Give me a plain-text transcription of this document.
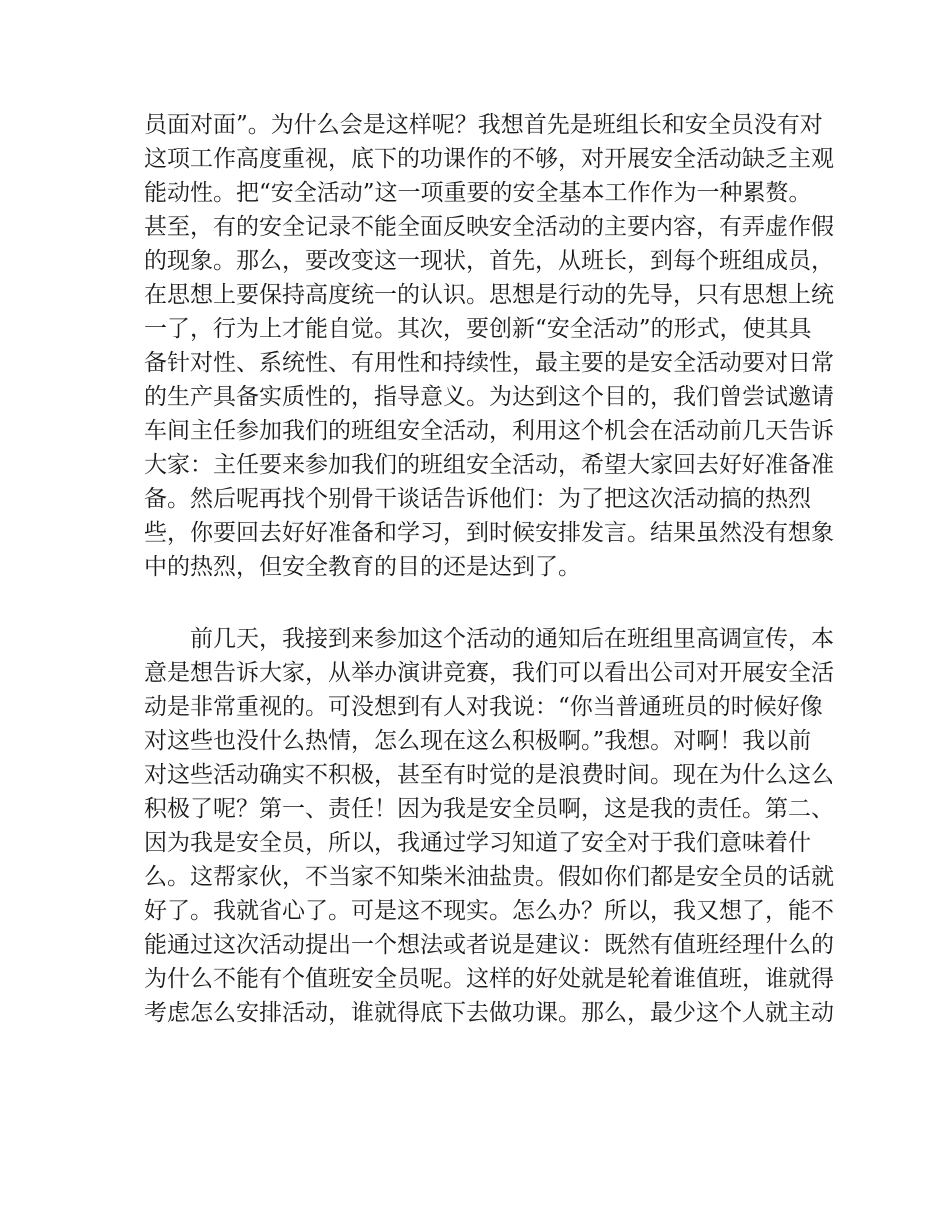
员面对面”。为什么会是这样呢？我想首先是班组长和安全员没有对
这项工作高度重视，底下的功课作的不够，对开展安全活动缺乏主观
能动性。把“安全活动”这一项重要的安全基本工作作为一种累赘。
甚至，有的安全记录不能全面反映安全活动的主要内容，有弄虚作假
的现象。那么，要改变这一现状，首先，从班长，到每个班组成员，
在思想上要保持高度统一的认识。思想是行动的先导，只有思想上统
一了，行为上才能自觉。其次，要创新“安全活动”的形式，使其具
备针对性、系统性、有用性和持续性，最主要的是安全活动要对日常
的生产具备实质性的，指导意义。为达到这个目的，我们曾尝试邀请
车间主任参加我们的班组安全活动，利用这个机会在活动前几天告诉
大家：主任要来参加我们的班组安全活动，希望大家回去好好准备准
备。然后呢再找个别骨干谈话告诉他们：为了把这次活动搞的热烈
些，你要回去好好准备和学习，到时候安排发言。结果虽然没有想象
中的热烈，但安全教育的目的还是达到了。
　　前几天，我接到来参加这个活动的通知后在班组里高调宣传，本
意是想告诉大家，从举办演讲竞赛，我们可以看出公司对开展安全活
动是非常重视的。可没想到有人对我说：“你当普通班员的时候好像
对这些也没什么热情，怎么现在这么积极啊。”我想。对啊！我以前
对这些活动确实不积极，甚至有时觉的是浪费时间。现在为什么这么
积极了呢？第一、责任！因为我是安全员啊，这是我的责任。第二、
因为我是安全员，所以，我通过学习知道了安全对于我们意味着什
么。这帮家伙，不当家不知柴米油盐贵。假如你们都是安全员的话就
好了。我就省心了。可是这不现实。怎么办？所以，我又想了，能不
能通过这次活动提出一个想法或者说是建议：既然有值班经理什么的
为什么不能有个值班安全员呢。这样的好处就是轮着谁值班，谁就得
考虑怎么安排活动，谁就得底下去做功课。那么，最少这个人就主动
